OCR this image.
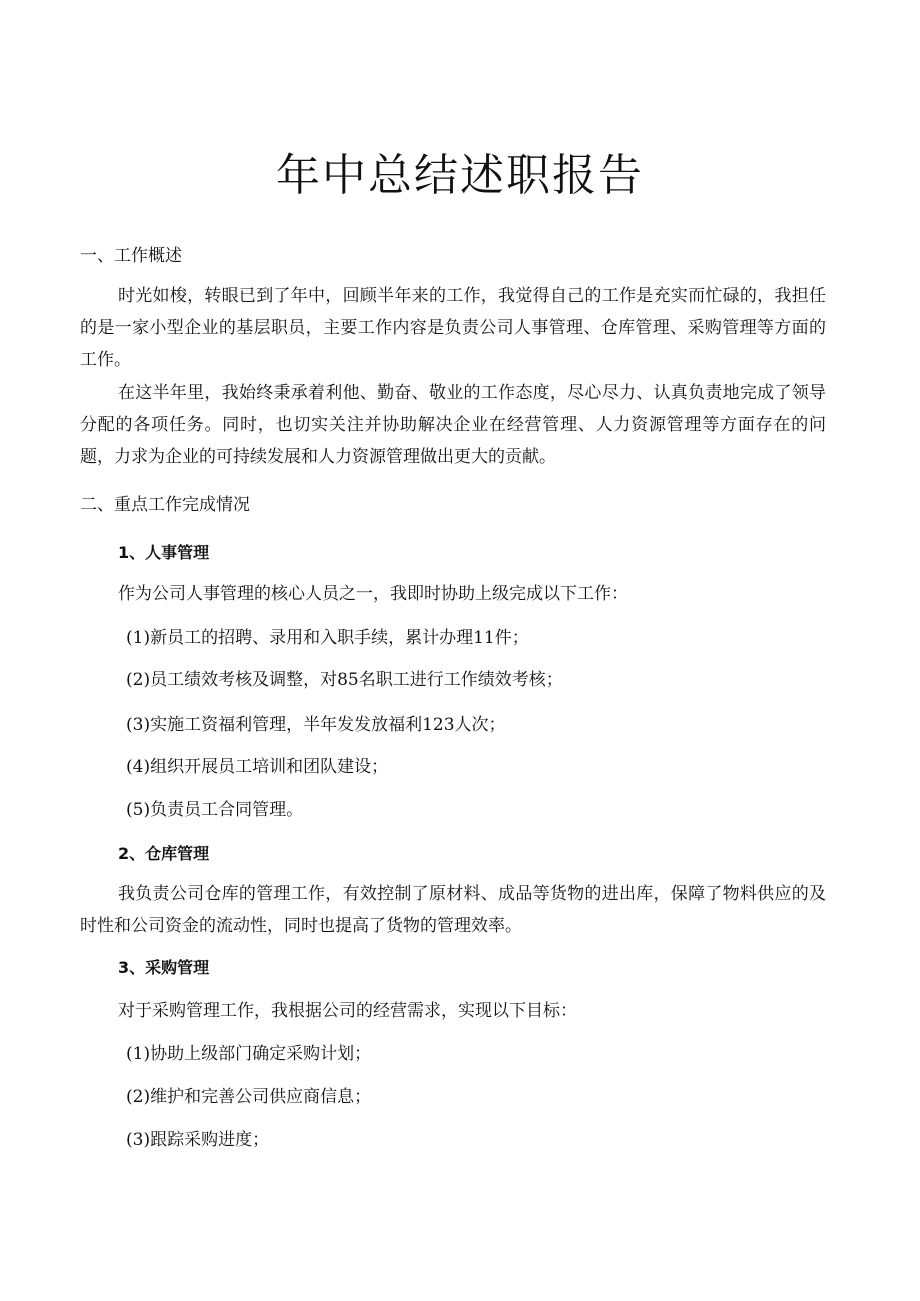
年中总结述职报告

一、工作概述

时光如梭，转眼已到了年中，回顾半年来的工作，我觉得自己的工作是充实而忙碌的，我担任的是一家小型企业的基层职员，主要工作内容是负责公司人事管理、仓库管理、采购管理等方面的工作。

在这半年里，我始终秉承着利他、勤奋、敬业的工作态度，尽心尽力、认真负责地完成了领导分配的各项任务。同时，也切实关注并协助解决企业在经营管理、人力资源管理等方面存在的问题，力求为企业的可持续发展和人力资源管理做出更大的贡献。

二、重点工作完成情况

1、人事管理

作为公司人事管理的核心人员之一，我即时协助上级完成以下工作：

(1)新员工的招聘、录用和入职手续，累计办理11件；

(2)员工绩效考核及调整，对85名职工进行工作绩效考核；

(3)实施工资福利管理，半年发发放福利123人次；

(4)组织开展员工培训和团队建设；

(5)负责员工合同管理。

2、仓库管理

我负责公司仓库的管理工作，有效控制了原材料、成品等货物的进出库，保障了物料供应的及时性和公司资金的流动性，同时也提高了货物的管理效率。

3、采购管理

对于采购管理工作，我根据公司的经营需求，实现以下目标：

(1)协助上级部门确定采购计划；

(2)维护和完善公司供应商信息；

(3)跟踪采购进度；
